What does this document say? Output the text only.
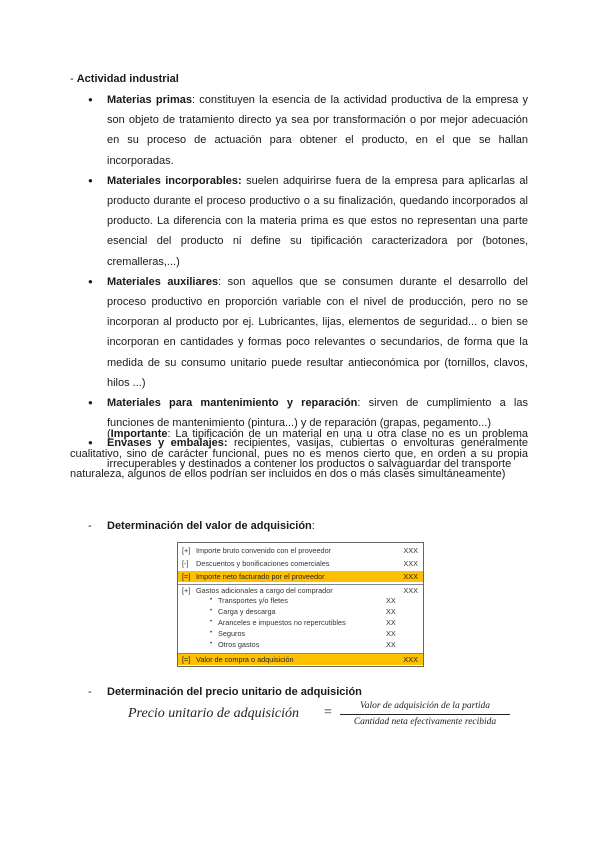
- Actividad industrial
● Materias primas: constituyen la esencia de la actividad productiva de la empresa y son objeto de tratamiento directo ya sea por transformación o por mejor adecuación en su proceso de actuación para obtener el producto, en el que se hallan incorporadas.
● Materiales incorporables: suelen adquirirse fuera de la empresa para aplicarlas al producto durante el proceso productivo o a su finalización, quedando incorporados al producto. La diferencia con la materia prima es que estos no representan una parte esencial del producto ni define su tipificación caracterizadora por (botones, cremalleras,...)
● Materiales auxiliares: son aquellos que se consumen durante el desarrollo del proceso productivo en proporción variable con el nivel de producción, pero no se incorporan al producto por ej. Lubricantes, lijas, elementos de seguridad... o bien se incorporan en cantidades y formas poco relevantes o secundarios, de forma que la medida de su consumo unitario puede resultar antieconómica por (tornillos, clavos, hilos ...)
● Materiales para mantenimiento y reparación: sirven de cumplimiento a las funciones de mantenimiento (pintura...) y de reparación (grapas, pegamento...)
● Envases y embalajes: recipientes, vasijas, cubiertas o envolturas generalmente irrecuperables y destinados a contener los productos o salvaguardar del transporte
(Importante: La tipificación de un material en una u otra clase no es un problema cualitativo, sino de carácter funcional, pues no es menos cierto que, en orden a su propia naturaleza, algunos de ellos podrían ser incluidos en dos o más clases simultáneamente)
- Determinación del valor de adquisición:
[+] Importe bruto convenido con el proveedor	XXX
[-] Descuentos y bonificaciones comerciales	XXX
[=] Importe neto facturado por el proveedor	XXX
[+] Gastos adicionales a cargo del comprador	XXX
• Transportes y/o fletes	XX
• Carga y descarga	XX
• Aranceles e impuestos no repercutibles	XX
• Seguros	XX
• Otros gastos	XX
[=] Valor de compra o adquisición	XXX
- Determinación del precio unitario de adquisición
Precio unitario de adquisición =	Valor de adquisición de la partida
Cantidad neta efectivamente recibida
